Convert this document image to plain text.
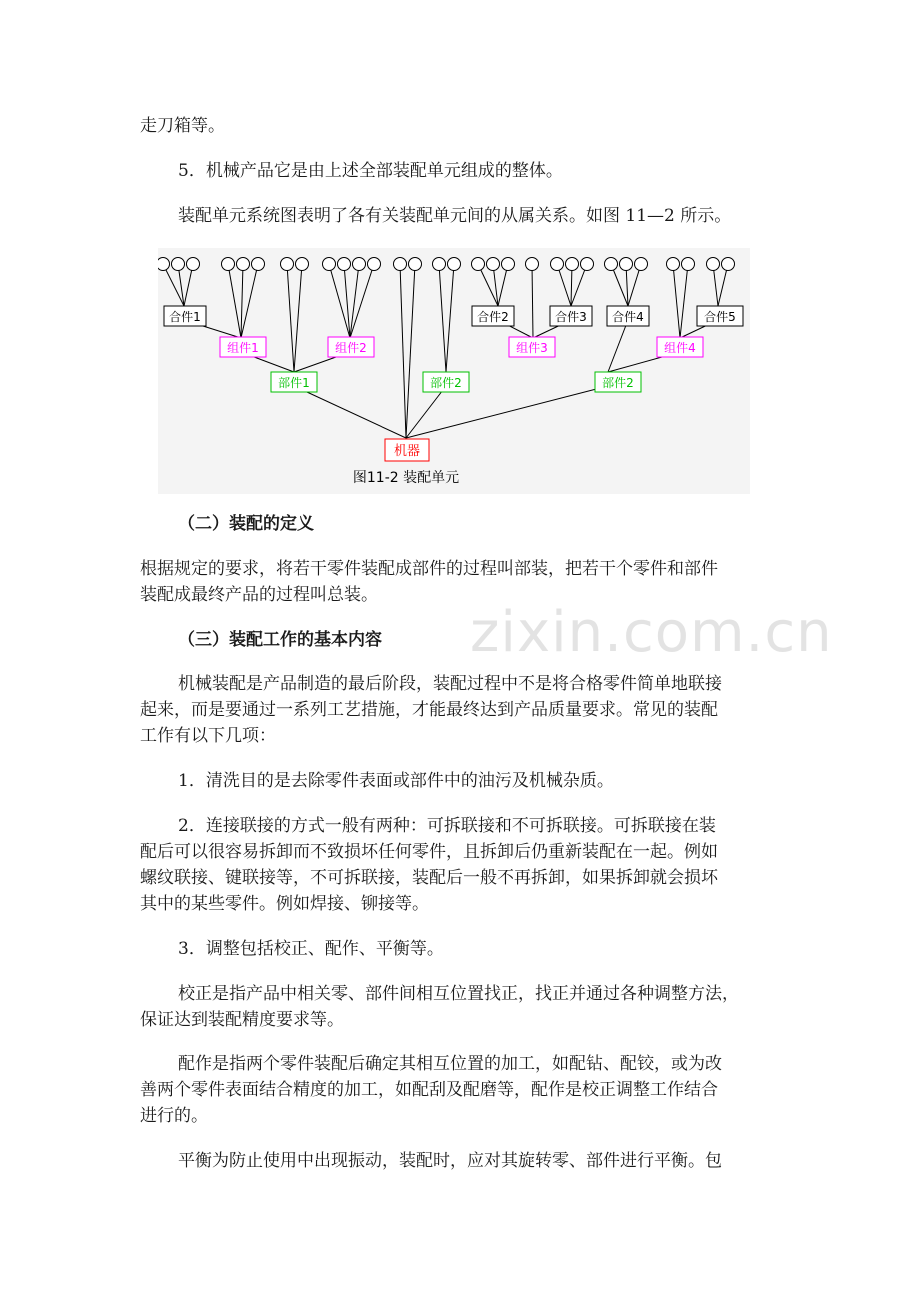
走刀箱等。

5．机械产品它是由上述全部装配单元组成的整体。

装配单元系统图表明了各有关装配单元间的从属关系。如图 11—2 所示。

合件1	合件2	合件3 合件4	合件5
组件1	组件2	组件3	组件4
部件1	部件2	部件2
机器
图11-2 装配单元

（二）装配的定义

根据规定的要求，将若干零件装配成部件的过程叫部装，把若干个零件和部件

装配成最终产品的过程叫总装。

（三）装配工作的基本内容

机械装配是产品制造的最后阶段，装配过程中不是将合格零件简单地联接

起来，而是要通过一系列工艺措施，才能最终达到产品质量要求。常见的装配

工作有以下几项：

1．清洗目的是去除零件表面或部件中的油污及机械杂质。

2．连接联接的方式一般有两种：可拆联接和不可拆联接。可拆联接在装

配后可以很容易拆卸而不致损坏任何零件，且拆卸后仍重新装配在一起。例如

螺纹联接、键联接等，不可拆联接，装配后一般不再拆卸，如果拆卸就会损坏

其中的某些零件。例如焊接、铆接等。

3．调整包括校正、配作、平衡等。

校正是指产品中相关零、部件间相互位置找正，找正并通过各种调整方法，

保证达到装配精度要求等。

配作是指两个零件装配后确定其相互位置的加工，如配钻、配铰，或为改

善两个零件表面结合精度的加工，如配刮及配磨等，配作是校正调整工作结合

进行的。

平衡为防止使用中出现振动，装配时，应对其旋转零、部件进行平衡。包

zixin.com.cn
